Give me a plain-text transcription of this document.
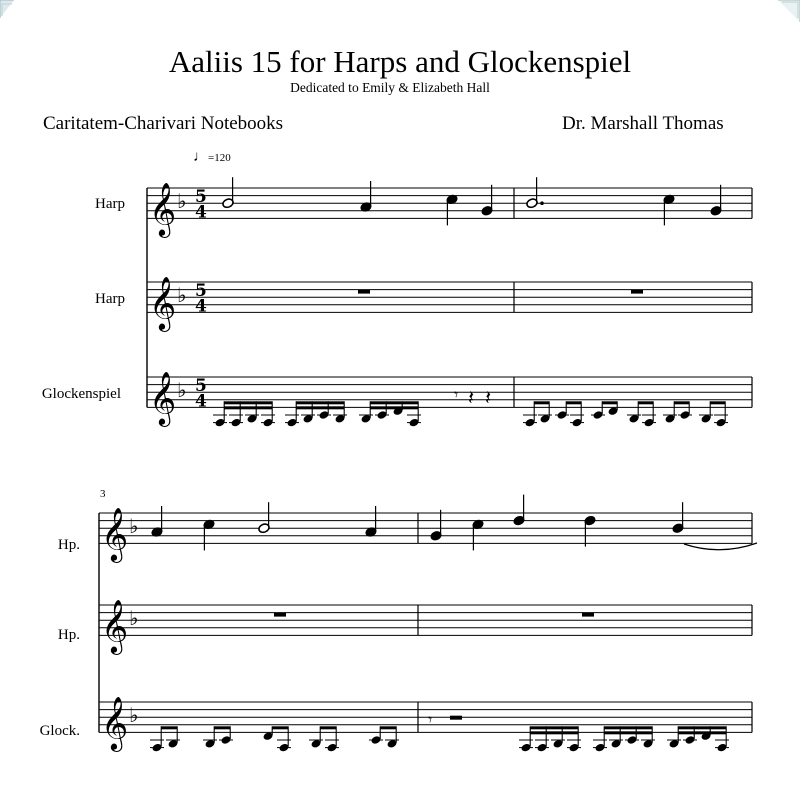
Aaliis 15 for Harps and Glockenspiel
Dedicated to Emily & Elizabeth Hall
Caritatem-Charivari Notebooks	Dr. Marshall Thomas
♩=120
3
Harp
Harp
Glockenspiel
Hp.
Hp.
Glock.
𝄞 ♭ 5
4
𝄞 ♭ 5
4
𝄞 ♭ 5
4	𝄾 𝄽 𝄽
𝄞 ♭
𝄞 ♭
𝄞 ♭	𝄾
